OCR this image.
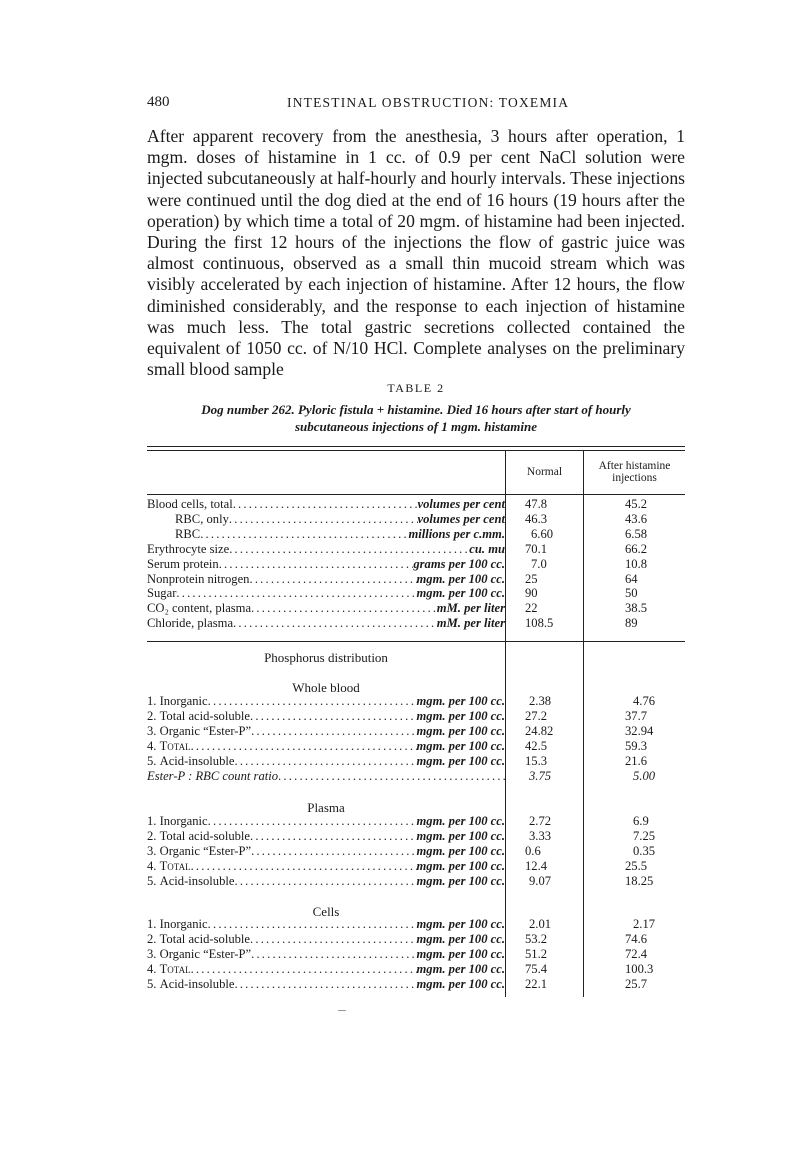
480	INTESTINAL OBSTRUCTION: TOXEMIA
After apparent recovery from the anesthesia, 3 hours after operation, 1 mgm. doses of histamine in 1 cc. of 0.9 per cent NaCl solution were injected subcutaneously at half-hourly and hourly intervals. These injections were continued until the dog died at the end of 16 hours (19 hours after the operation) by which time a total of 20 mgm. of histamine had been injected. During the first 12 hours of the injections the flow of gastric juice was almost continuous, observed as a small thin mucoid stream which was visibly accelerated by each injection of histamine. After 12 hours, the flow diminished considerably, and the response to each injection of histamine was much less. The total gastric secretions collected contained the equivalent of 1050 cc. of N/10 HCl. Complete analyses on the preliminary small blood sample
TABLE 2
Dog number 262. Pyloric fistula + histamine. Died 16 hours after start of hourly
subcutaneous injections of 1 mgm. histamine
Normal	After histamine
injections
Blood cells, total .....	volumes per cent 47.8	45.2
RBC, only .....	volumes per cent 46.3	43.6
RBC .....	millions per c.mm. 6.60	6.58
Erythrocyte size .....	cu. mu 70.1	66.2
Serum protein .....	grams per 100 cc. 7.0	10.8
Nonprotein nitrogen .....	mgm. per 100 cc. 25	64
Sugar .....	mgm. per 100 cc. 90	50
CO₂ content, plasma .....	mM. per liter 22	38.5
Chloride, plasma .....	mM. per liter 108.5	89
Phosphorus distribution
Whole blood
1. Inorganic .....	mgm. per 100 cc. 2.38	4.76
2. Total acid-soluble .....	mgm. per 100 cc. 27.2	37.7
3. Organic “Ester-P” .....	mgm. per 100 cc. 24.82	32.94
4. Total .....	mgm. per 100 cc. 42.5	59.3
5. Acid-insoluble .....	mgm. per 100 cc. 15.3	21.6
Ester-P : RBC count ratio .....	3.75	5.00
Plasma
1. Inorganic .....	mgm. per 100 cc. 2.72	6.9
2. Total acid-soluble .....	mgm. per 100 cc. 3.33	7.25
3. Organic “Ester-P” .....	mgm. per 100 cc. 0.6	0.35
4. Total .....	mgm. per 100 cc. 12.4	25.5
5. Acid-insoluble .....	mgm. per 100 cc. 9.07	18.25
Cells
1. Inorganic .....	mgm. per 100 cc. 2.01	2.17
2. Total acid-soluble .....	mgm. per 100 cc. 53.2	74.6
3. Organic “Ester-P” .....	mgm. per 100 cc. 51.2	72.4
4. Total .....	mgm. per 100 cc. 75.4	100.3
5. Acid-insoluble .....	mgm. per 100 cc. 22.1	25.7
